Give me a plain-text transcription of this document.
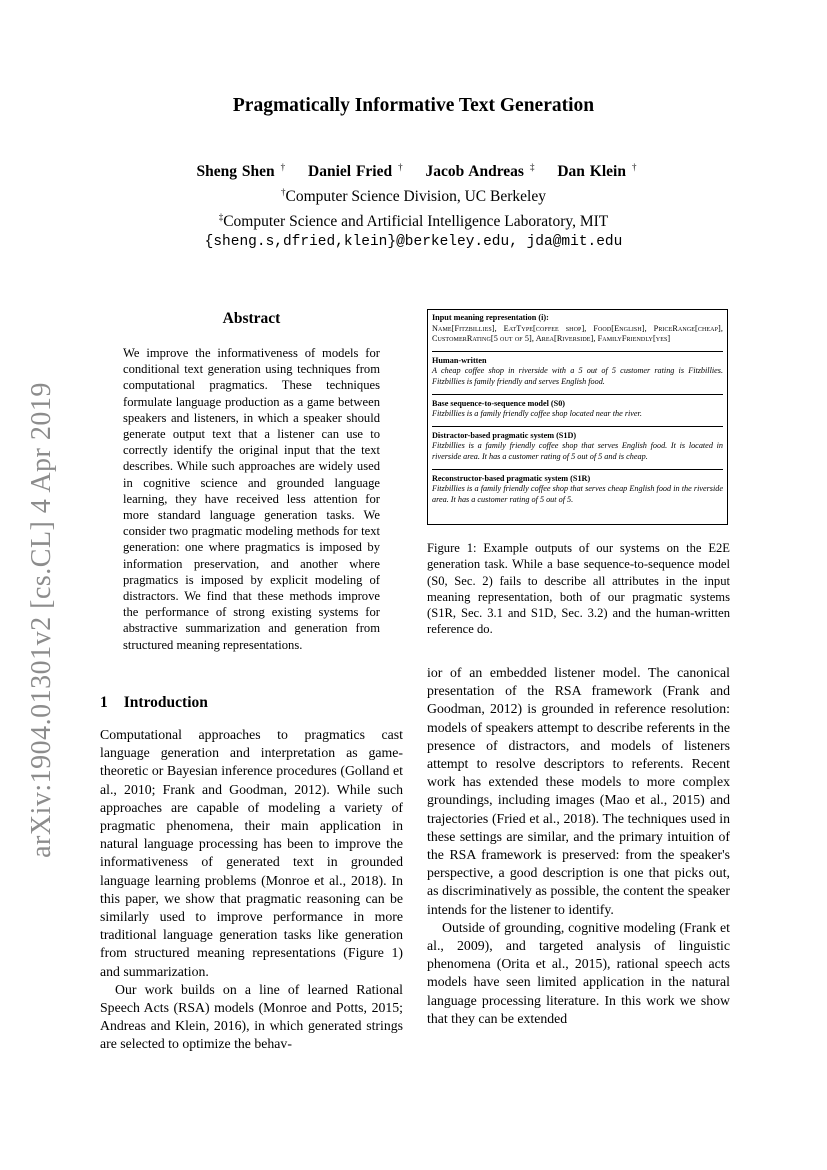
Pragmatically Informative Text Generation
Sheng Shen † Daniel Fried † Jacob Andreas ‡ Dan Klein †
†Computer Science Division, UC Berkeley
‡Computer Science and Artificial Intelligence Laboratory, MIT
{sheng.s,dfried,klein}@berkeley.edu, jda@mit.edu
arXiv:1904.01301v2 [cs.CL] 4 Apr 2019
Abstract
We improve the informativeness of models for conditional text generation using techniques from computational pragmatics. These techniques formulate language production as a game between speakers and listeners, in which a speaker should generate output text that a listener can use to correctly identify the original input that the text describes. While such approaches are widely used in cognitive science and grounded language learning, they have received less attention for more standard language generation tasks. We consider two pragmatic modeling methods for text generation: one where pragmatics is imposed by information preservation, and another where pragmatics is imposed by explicit modeling of distractors. We find that these methods improve the performance of strong existing systems for abstractive summarization and generation from structured meaning representations.
Input meaning representation (i):
Name[Fitzbillies], EatType[coffee shop], Food[English], PriceRange[cheap], CustomerRating[5 out of 5], Area[Riverside], FamilyFriendly[yes]
Human-written
A cheap coffee shop in riverside with a 5 out of 5 customer rating is Fitzbillies. Fitzbillies is family friendly and serves English food.
Base sequence-to-sequence model (S0)
Fitzbillies is a family friendly coffee shop located near the river.
Distractor-based pragmatic system (S1D)
Fitzbillies is a family friendly coffee shop that serves English food. It is located in riverside area. It has a customer rating of 5 out of 5 and is cheap.
Reconstructor-based pragmatic system (S1R)
Fitzbillies is a family friendly coffee shop that serves cheap English food in the riverside area. It has a customer rating of 5 out of 5.
Figure 1: Example outputs of our systems on the E2E generation task. While a base sequence-to-sequence model (S0, Sec. 2) fails to describe all attributes in the input meaning representation, both of our pragmatic systems (S1R, Sec. 3.1 and S1D, Sec. 3.2) and the human-written reference do.
1 Introduction

Computational approaches to pragmatics cast language generation and interpretation as game-theoretic or Bayesian inference procedures (Golland et al., 2010; Frank and Goodman, 2012). While such approaches are capable of modeling a variety of pragmatic phenomena, their main application in natural language processing has been to improve the informativeness of generated text in grounded language learning problems (Monroe et al., 2018). In this paper, we show that pragmatic reasoning can be similarly used to improve performance in more traditional language generation tasks like generation from structured meaning representations (Figure 1) and summarization.

Our work builds on a line of learned Rational Speech Acts (RSA) models (Monroe and Potts, 2015; Andreas and Klein, 2016), in which generated strings are selected to optimize the behav-

ior of an embedded listener model. The canonical presentation of the RSA framework (Frank and Goodman, 2012) is grounded in reference resolution: models of speakers attempt to describe referents in the presence of distractors, and models of listeners attempt to resolve descriptors to referents. Recent work has extended these models to more complex groundings, including images (Mao et al., 2015) and trajectories (Fried et al., 2018). The techniques used in these settings are similar, and the primary intuition of the RSA framework is preserved: from the speaker's perspective, a good description is one that picks out, as discriminatively as possible, the content the speaker intends for the listener to identify.

Outside of grounding, cognitive modeling (Frank et al., 2009), and targeted analysis of linguistic phenomena (Orita et al., 2015), rational speech acts models have seen limited application in the natural language processing literature. In this work we show that they can be extended
